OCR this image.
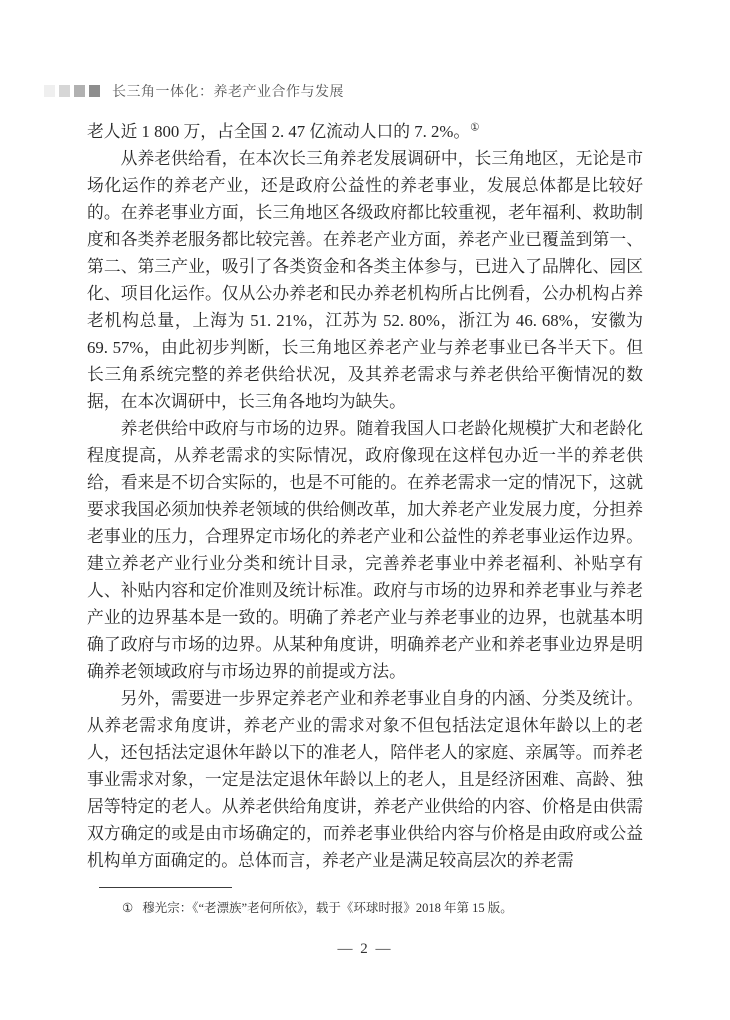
长三角一体化：养老产业合作与发展

老人近 1 800 万，占全国 2. 47 亿流动人口的 7. 2%。①

从养老供给看，在本次长三角养老发展调研中，长三角地区，无论是市场化运作的养老产业，还是政府公益性的养老事业，发展总体都是比较好的。在养老事业方面，长三角地区各级政府都比较重视，老年福利、救助制度和各类养老服务都比较完善。在养老产业方面，养老产业已覆盖到第一、第二、第三产业，吸引了各类资金和各类主体参与，已进入了品牌化、园区化、项目化运作。仅从公办养老和民办养老机构所占比例看，公办机构占养老机构总量，上海为 51. 21%，江苏为 52. 80%，浙江为 46. 68%，安徽为 69. 57%，由此初步判断，长三角地区养老产业与养老事业已各半天下。但长三角系统完整的养老供给状况，及其养老需求与养老供给平衡情况的数据，在本次调研中，长三角各地均为缺失。

养老供给中政府与市场的边界。随着我国人口老龄化规模扩大和老龄化程度提高，从养老需求的实际情况，政府像现在这样包办近一半的养老供给，看来是不切合实际的，也是不可能的。在养老需求一定的情况下，这就要求我国必须加快养老领域的供给侧改革，加大养老产业发展力度，分担养老事业的压力，合理界定市场化的养老产业和公益性的养老事业运作边界。建立养老产业行业分类和统计目录，完善养老事业中养老福利、补贴享有人、补贴内容和定价准则及统计标准。政府与市场的边界和养老事业与养老产业的边界基本是一致的。明确了养老产业与养老事业的边界，也就基本明确了政府与市场的边界。从某种角度讲，明确养老产业和养老事业边界是明确养老领域政府与市场边界的前提或方法。

另外，需要进一步界定养老产业和养老事业自身的内涵、分类及统计。从养老需求角度讲，养老产业的需求对象不但包括法定退休年龄以上的老人，还包括法定退休年龄以下的准老人，陪伴老人的家庭、亲属等。而养老事业需求对象，一定是法定退休年龄以上的老人，且是经济困难、高龄、独居等特定的老人。从养老供给角度讲，养老产业供给的内容、价格是由供需双方确定的或是由市场确定的，而养老事业供给内容与价格是由政府或公益机构单方面确定的。总体而言，养老产业是满足较高层次的养老需

① 穆光宗：《“老漂族”老何所依》，载于《环球时报》2018 年第 15 版。
— 2 —
